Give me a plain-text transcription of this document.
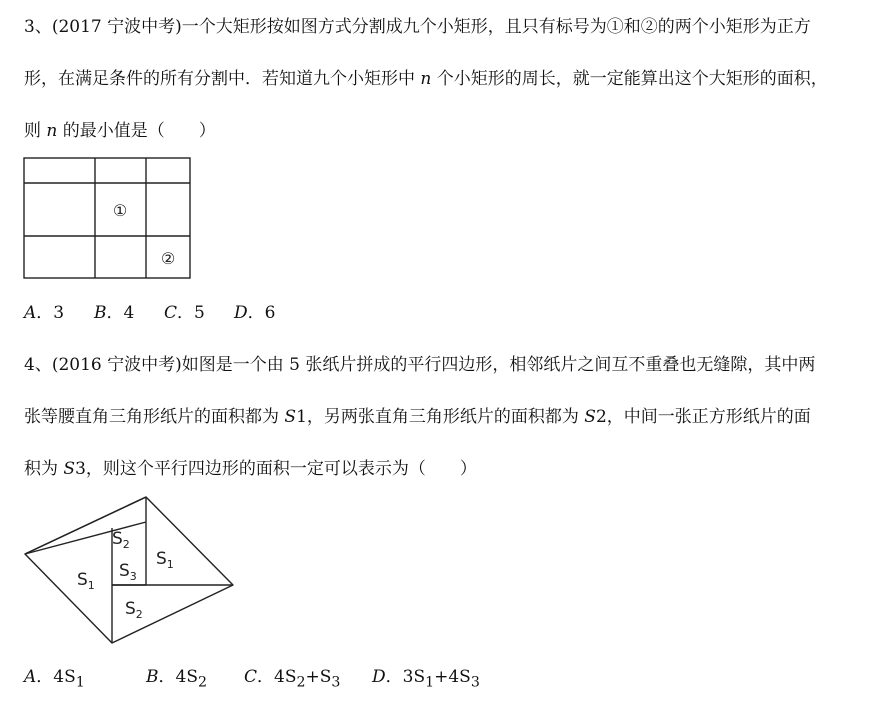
3、(2017 宁波中考)一个大矩形按如图方式分割成九个小矩形，且只有标号为①和②的两个小矩形为正方
形，在满足条件的所有分割中．若知道九个小矩形中 n 个小矩形的周长，就一定能算出这个大矩形的面积，
则 n 的最小值是（　　）
①
②
A．3 B．4 C．5 D．6
4、(2016 宁波中考)如图是一个由 5 张纸片拼成的平行四边形，相邻纸片之间互不重叠也无缝隙，其中两
张等腰直角三角形纸片的面积都为 S1，另两张直角三角形纸片的面积都为 S2，中间一张正方形纸片的面
积为 S3，则这个平行四边形的面积一定可以表示为（　　）
$S_2$
$S_1$
$S_3$
$S_1$
$S_2$
A．$4S_1$	B．$4S_2$ C．$4S_2+S_3$ D．$3S_1+4S_3$
